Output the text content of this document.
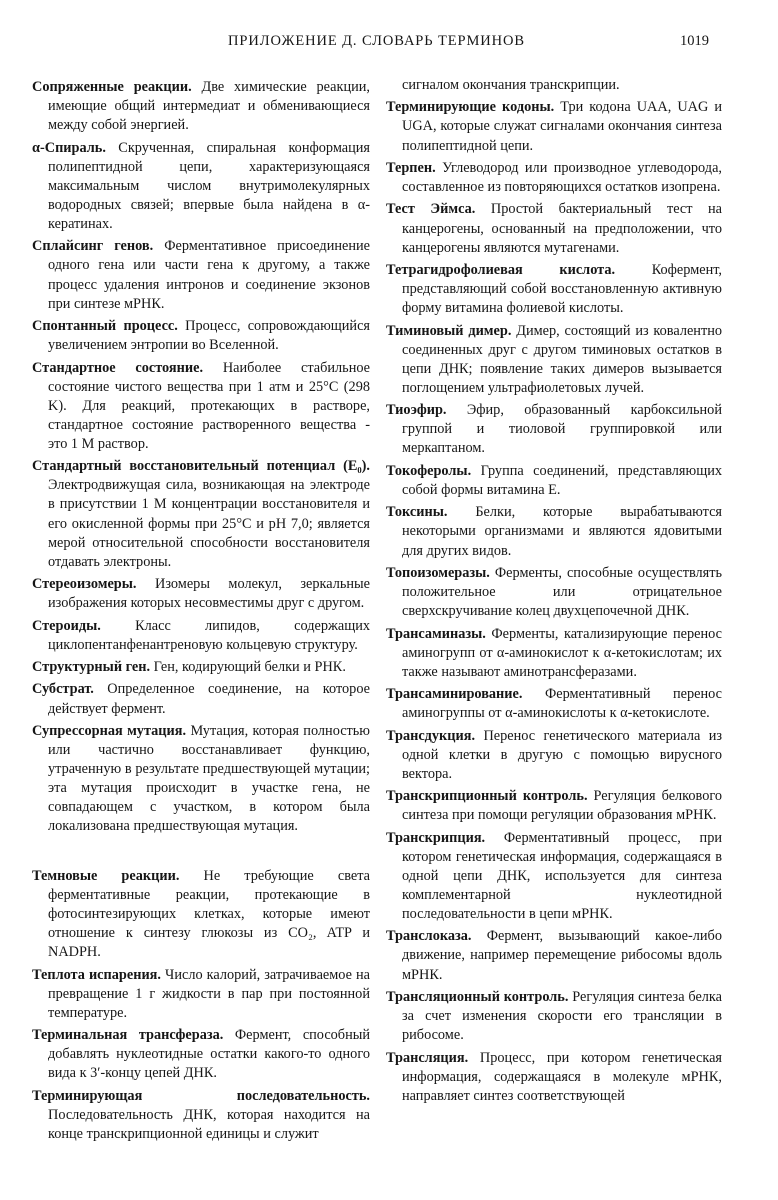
ПРИЛОЖЕНИЕ Д. СЛОВАРЬ ТЕРМИНОВ	1019

Сопряженные реакции. Две химические реакции, имеющие общий интермедиат и обменивающиеся между собой энергией.

α-Спираль. Скрученная, спиральная конформация полипептидной цепи, характеризующаяся максимальным числом внутримолекулярных водородных связей; впервые была найдена в α-кератинах.

Сплайсинг генов. Ферментативное присоединение одного гена или части гена к другому, а также процесс удаления интронов и соединение экзонов при синтезе мРНК.

Спонтанный процесс. Процесс, сопровождающийся увеличением энтропии во Вселенной.

Стандартное состояние. Наиболее стабильное состояние чистого вещества при 1 атм и 25°С (298 K). Для реакций, протекающих в растворе, стандартное состояние растворенного вещества - это 1 М раствор.

Стандартный восстановительный потенциал (E₀). Электродвижущая сила, возникающая на электроде в присутствии 1 М концентрации восстановителя и его окисленной формы при 25°С и pH 7,0; является мерой относительной способности восстановителя отдавать электроны.

Стереоизомеры. Изомеры молекул, зеркальные изображения которых несовместимы друг с другом.

Стероиды. Класс липидов, содержащих циклопентанфенантреновую кольцевую структуру.

Структурный ген. Ген, кодирующий белки и РНК.

Субстрат. Определенное соединение, на которое действует фермент.

Супрессорная мутация. Мутация, которая полностью или частично восстанавливает функцию, утраченную в результате предшествующей мутации; эта мутация происходит в участке гена, не совпадающем с участком, в котором была локализована предшествующая мутация.

Темновые реакции. Не требующие света ферментативные реакции, протекающие в фотосинтезирующих клетках, которые имеют отношение к синтезу глюкозы из CO₂, ATP и NADPH.

Теплота испарения. Число калорий, затрачиваемое на превращение 1 г жидкости в пар при постоянной температуре.

Терминальная трансфераза. Фермент, способный добавлять нуклеотидные остатки какого-то одного вида к 3′-концу цепей ДНК.

Терминирующая последовательность. Последовательность ДНК, которая находится на конце транскрипционной единицы и служит

сигналом окончания транскрипции.

Терминирующие кодоны. Три кодона UAA, UAG и UGA, которые служат сигналами окончания синтеза полипептидной цепи.

Терпен. Углеводород или производное углеводорода, составленное из повторяющихся остатков изопрена.

Тест Эймса. Простой бактериальный тест на канцерогены, основанный на предположении, что канцерогены являются мутагенами.

Тетрагидрофолиевая кислота.	Кофермент, представляющий собой восстановленную активную форму витамина фолиевой кислоты.

Тиминовый димер. Димер, состоящий из ковалентно соединенных друг с другом тиминовых остатков в цепи ДНК; появление таких димеров вызывается поглощением ультрафиолетовых лучей.

Тиоэфир. Эфир, образованный карбоксильной группой и тиоловой группировкой или меркаптаном.

Токоферолы. Группа соединений, представляющих собой формы витамина E.

Токсины. Белки, которые вырабатываются некоторыми организмами и являются ядовитыми для других видов.

Топоизомеразы. Ферменты, способные осуществлять положительное или отрицательное сверхскручивание колец двухцепочечной ДНК.

Трансаминазы. Ферменты, катализирующие перенос аминогрупп от α-аминокислот к α-кетокислотам; их также называют аминотрансферазами.

Трансаминирование. Ферментативный перенос аминогруппы от α-аминокислоты к α-кетокислоте.

Трансдукция. Перенос генетического материала из одной клетки в другую с помощью вирусного вектора.

Транскрипционный контроль. Регуляция белкового синтеза при помощи регуляции образования мРНК.

Транскрипция. Ферментативный процесс, при котором генетическая информация, содержащаяся в одной цепи ДНК, используется для синтеза комплементарной нуклеотидной последовательности в цепи мРНК.

Транслоказа. Фермент, вызывающий какое-либо движение, например перемещение рибосомы вдоль мРНК.

Трансляционный контроль. Регуляция синтеза белка за счет изменения скорости его трансляции в рибосоме.

Трансляция. Процесс, при котором генетическая информация, содержащаяся в молекуле мРНК, направляет синтез соответствующей
